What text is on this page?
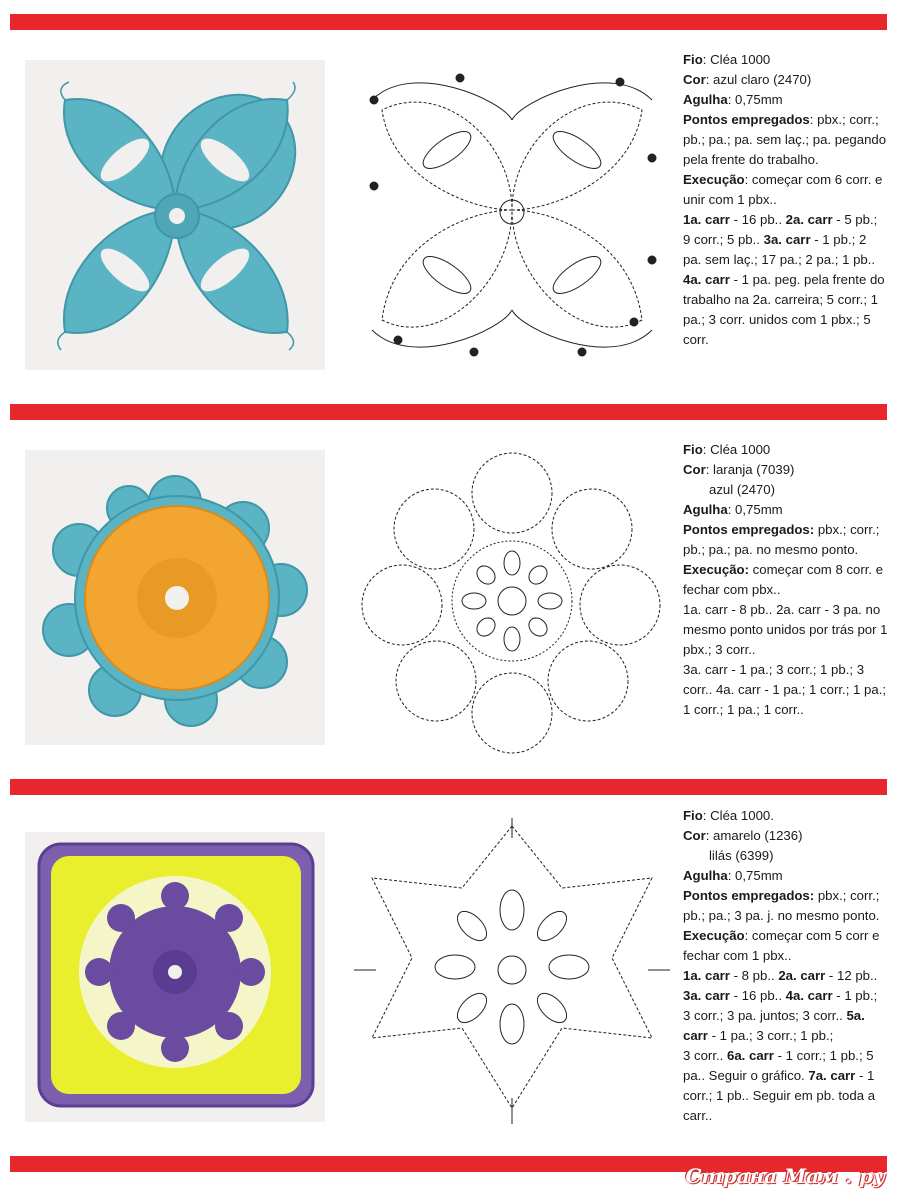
Fio: Cléa 1000

Cor: azul claro (2470)

Agulha: 0,75mm

Pontos empregados: pbx.; corr.; pb.; pa.; pa. sem laç.; pa. pegando pela frente do trabalho.

Execução: começar com 6 corr. e unir com 1 pbx..

1a. carr - 16 pb.. 2a. carr - 5 pb.; 9 corr.; 5 pb.. 3a. carr - 1 pb.; 2 pa. sem laç.; 17 pa.; 2 pa.; 1 pb.. 4a. carr - 1 pa. peg. pela frente do trabalho na 2a. carreira; 5 corr.; 1 pa.; 3 corr. unidos com 1 pbx.; 5 corr.

Fio: Cléa 1000

Cor: laranja (7039)

azul (2470)

Agulha: 0,75mm

Pontos empregados: pbx.; corr.; pb.; pa.; pa. no mesmo ponto.

Execução: começar com 8 corr. e fechar com pbx..

1a. carr - 8 pb.. 2a. carr - 3 pa. no mesmo ponto unidos por trás por 1 pbx.; 3 corr..

3a. carr - 1 pa.; 3 corr.; 1 pb.; 3 corr.. 4a. carr - 1 pa.; 1 corr.; 1 pa.; 1 corr.; 1 pa.; 1 corr..

Fio: Cléa 1000.

Cor: amarelo (1236)

lilás (6399)

Agulha: 0,75mm

Pontos empregados: pbx.; corr.; pb.; pa.; 3 pa. j. no mesmo ponto.

Execução: começar com 5 corr e fechar com 1 pbx..

1a. carr - 8 pb.. 2a. carr - 12 pb.. 3a. carr - 16 pb.. 4a. carr - 1 pb.; 3 corr.; 3 pa. juntos; 3 corr.. 5a. carr - 1 pa.; 3 corr.; 1 pb.;

3 corr.. 6a. carr - 1 corr.; 1 pb.; 5 pa.. Seguir o gráfico. 7a. carr - 1 corr.; 1 pb.. Seguir em pb. toda a carr..

Страна Мам . ру
